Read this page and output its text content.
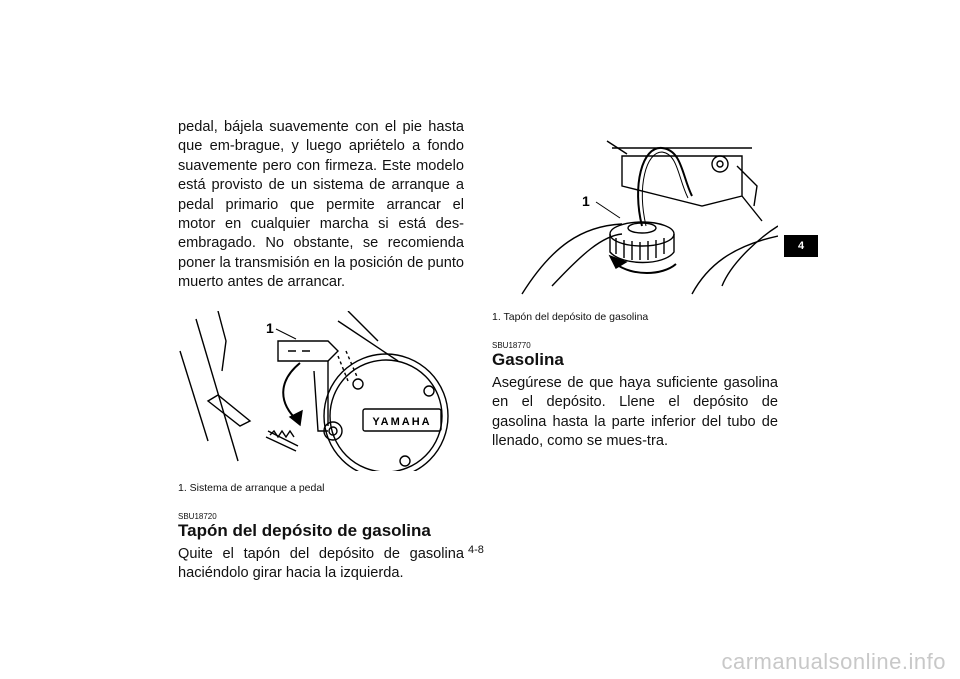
pedal, bájela suavemente con el pie hasta que em-brague, y luego apriételo a fondo suavemente pero con firmeza. Este modelo está provisto de un sistema de arranque a pedal primario que permite arrancar el motor en cualquier marcha si está des-embragado. No obstante, se recomienda poner la transmisión en la posición de punto muerto antes de arrancar.

YAMAHA
1

1. Sistema de arranque a pedal

SBU18720

Tapón del depósito de gasolina

Quite el tapón del depósito de gasolina haciéndolo girar hacia la izquierda.

1

1. Tapón del depósito de gasolina

SBU18770

Gasolina

Asegúrese de que haya suficiente gasolina en el depósito. Llene el depósito de gasolina hasta la parte inferior del tubo de llenado, como se mues-tra.

4
4-8
carmanualsonline.info
